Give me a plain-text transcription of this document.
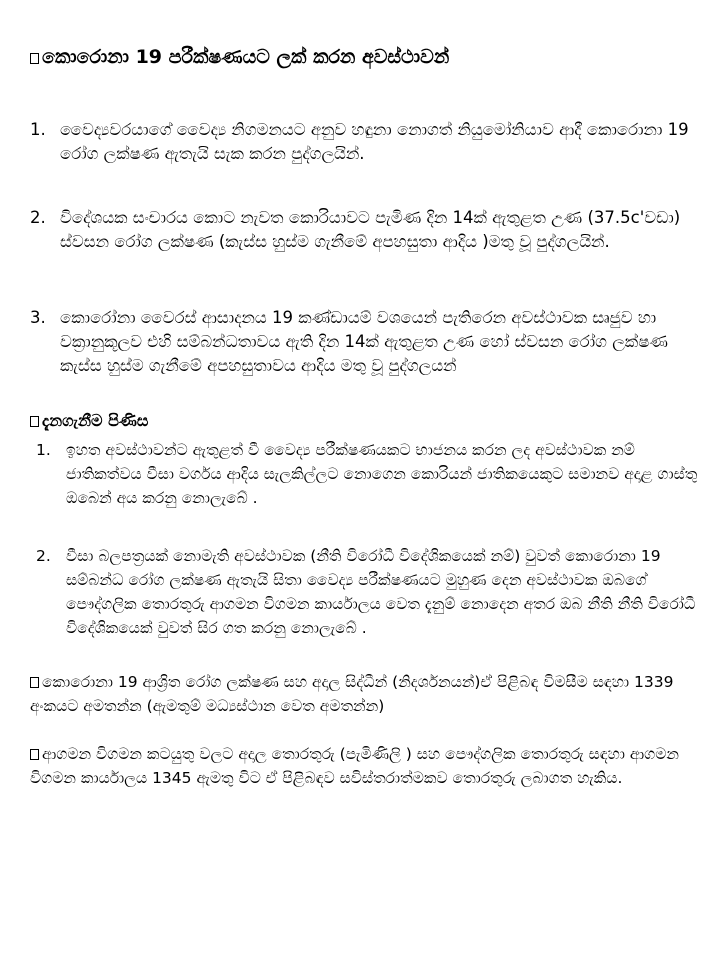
කොරොනා 19 පරීක්ෂණයට ලක් කරන අවස්ථාවන්
1. වෛද්‍යවරයාගේ වෛද්‍ය නිගමනයට අනුව හඳුනා නොගත් නියුමෝනියාව ආදී කොරොනා 19 රෝග ලක්ෂණ ඇතැයි සැක කරන පුද්ගලයින්.
2. විදේශයක සංචාරය කොට නැවත කොරියාවට පැමිණ දින 14ක් ඇතුළත උණ (37.5c'වඩා) ස්වසන රෝග ලක්ෂණ (කැස්ස හුස්ම ගැනීමේ අපහසුතා ආදිය )මතු වූ පුද්ගලයින්.
3. කොරෝනා වෛරස් ආසාදනය 19 කණ්ඩායම් වශයෙන් පැතිරෙන අවස්ථාවක සෘජුව හා වක්‍රානුකූලව එහි සම්බන්ධතාවය ඇති දින 14ක් ඇතුළත උණ හෝ ස්වසන රෝග ලක්ෂණ කැස්ස හුස්ම ගැනීමේ අපහසුතාවය ආදිය මතු වූ පුද්ගලයන්
දැනගැනීම පිණිස
1. ඉහත අවස්ථාවන්ට ඇතුළත් වී වෛද්‍ය පරීක්ෂණයකට භාජනය කරන ලද අවස්ථාවක නම් ජාතිකත්වය වීසා වර්ගය ආදිය සැලකිල්ලට නොගෙන කොරියන් ජාතිකයෙකුට සමානව අදාළ ගාස්තු ඔබෙන් අය කරනු නොලැබේ .
2. වීසා බලපත්‍රයක් නොමැති අවස්ථාවක (නීති විරෝධී විදේශිකයෙක් නම්) වුවත් කොරොනා 19 සම්බන්ධ රෝග ලක්ෂණ ඇතැයි සිතා වෛද්‍ය පරීක්ෂණයට මුහුණ දෙන අවස්ථාවක ඔබගේ පෞද්ගලික තොරතුරු ආගමන විගමන කාර්යාලය වෙත දැනුම් නොදෙන අතර ඔබ නීති නීති විරෝධී විදේශිකයෙක් වුවත් සිර ගත කරනු නොලැබේ .
කොරොනා 19 ආශ්‍රිත රෝග ලක්ෂණ සහ අදාල සිද්ධීන් (නිදර්ශනයන්)ඒ පිළිබඳ විමසීම සඳහා 1339 අංකයට අමතන්න (ඇමතුම් මධ්‍යස්ථාන වෙත අමතන්න)
ආගමන විගමන කටයුතු වලට අදාල තොරතුරු (පැමිණිලි ) සහ පෞද්ගලික තොරතුරු සඳහා ආගමන විගමන කාර්යාලය 1345 ඇමතු විට ඒ පිළිබඳව සවිස්තරාත්මකව තොරතුරු ලබාගත හැකිය.
